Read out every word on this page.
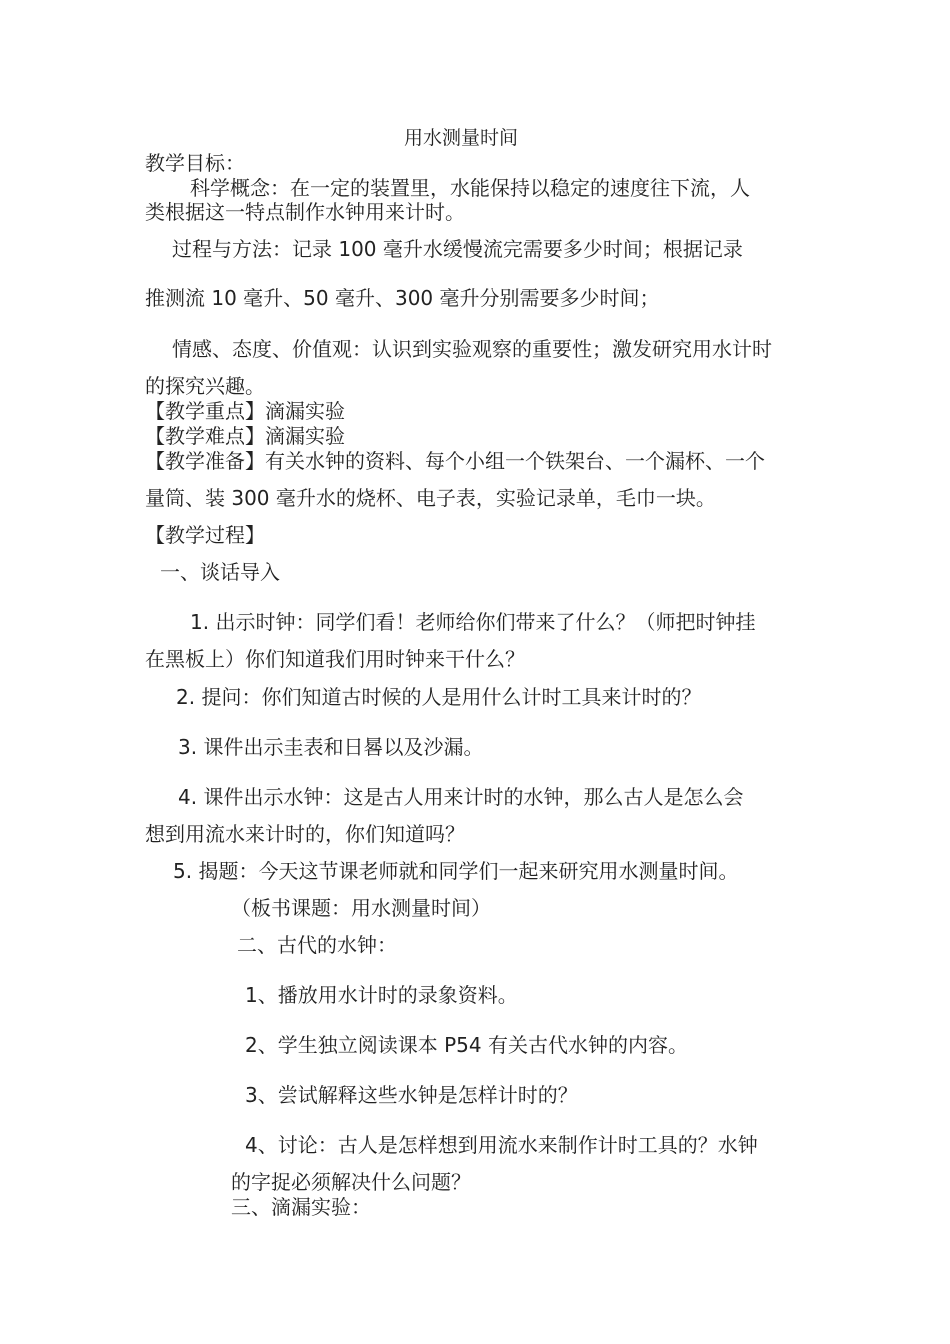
用水测量时间

教学目标：

科学概念：在一定的装置里，水能保持以稳定的速度往下流，人

类根据这一特点制作水钟用来计时。

过程与方法：记录 100 毫升水缓慢流完需要多少时间；根据记录

推测流 10 毫升、50 毫升、300 毫升分别需要多少时间；

情感、态度、价值观：认识到实验观察的重要性；激发研究用水计时

的探究兴趣。

【教学重点】滴漏实验

【教学难点】滴漏实验

【教学准备】有关水钟的资料、每个小组一个铁架台、一个漏杯、一个

量筒、装 300 毫升水的烧杯、电子表，实验记录单，毛巾一块。

【教学过程】

一、谈话导入

1. 出示时钟：同学们看！老师给你们带来了什么？（师把时钟挂

在黑板上）你们知道我们用时钟来干什么？

2. 提问：你们知道古时候的人是用什么计时工具来计时的？

3. 课件出示圭表和日晷以及沙漏。

4. 课件出示水钟：这是古人用来计时的水钟，那么古人是怎么会

想到用流水来计时的，你们知道吗？

5. 揭题：今天这节课老师就和同学们一起来研究用水测量时间。

（板书课题：用水测量时间）

二、古代的水钟：

1、播放用水计时的录象资料。

2、学生独立阅读课本 P54 有关古代水钟的内容。

3、尝试解释这些水钟是怎样计时的？

4、讨论：古人是怎样想到用流水来制作计时工具的？水钟

的字捉必须解决什么问题？

三、滴漏实验：
